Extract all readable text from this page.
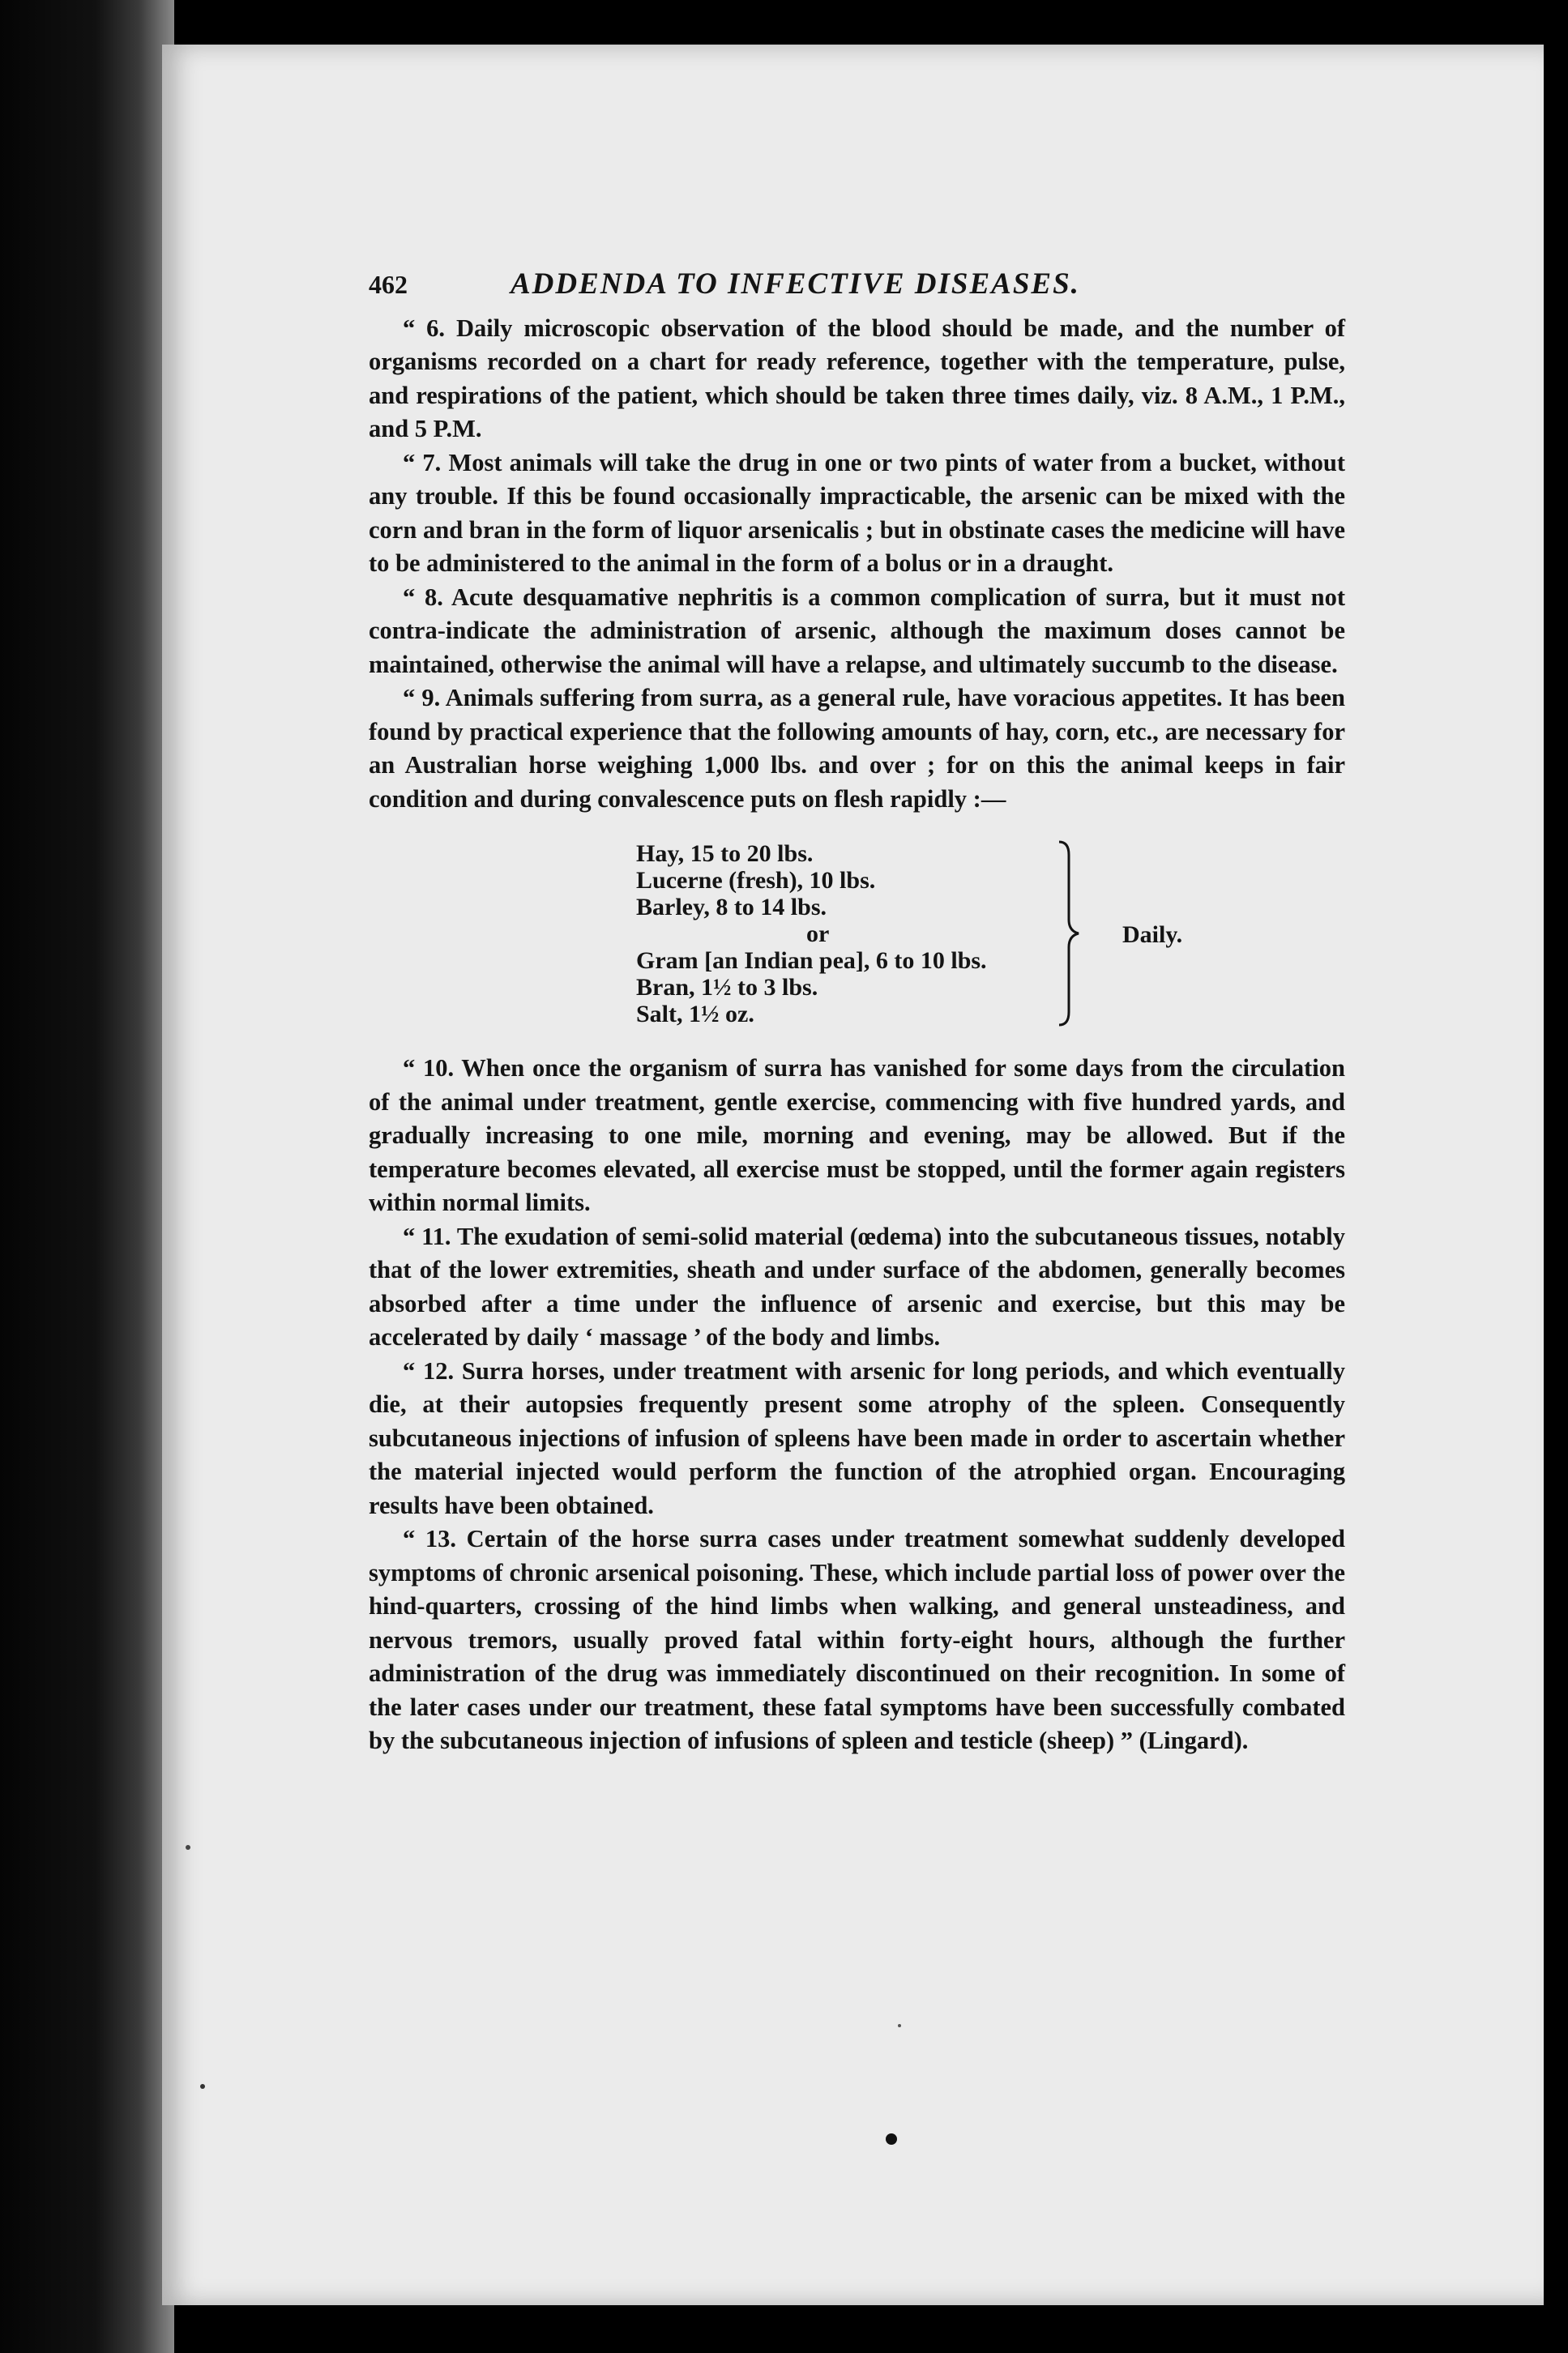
462	ADDENDA TO INFECTIVE DISEASES.

“ 6. Daily microscopic observation of the blood should be made, and the number of organisms recorded on a chart for ready reference, together with the temperature, pulse, and respirations of the patient, which should be taken three times daily, viz. 8 A.M., 1 P.M., and 5 P.M.

“ 7. Most animals will take the drug in one or two pints of water from a bucket, without any trouble. If this be found occasionally impracticable, the arsenic can be mixed with the corn and bran in the form of liquor arsenicalis ; but in obstinate cases the medicine will have to be administered to the animal in the form of a bolus or in a draught.

“ 8. Acute desquamative nephritis is a common complication of surra, but it must not contra-indicate the administration of arsenic, although the maximum doses cannot be maintained, otherwise the animal will have a relapse, and ultimately succumb to the disease.

“ 9. Animals suffering from surra, as a general rule, have voracious appetites. It has been found by practical experience that the following amounts of hay, corn, etc., are necessary for an Australian horse weighing 1,000 lbs. and over ; for on this the animal keeps in fair condition and during convalescence puts on flesh rapidly :—

Hay, 15 to 20 lbs.
Lucerne (fresh), 10 lbs.
Barley, 8 to 14 lbs.
or
Gram [an Indian pea], 6 to 10 lbs.
Bran, 1½ to 3 lbs.
Salt, 1½ oz.
Daily.

“ 10. When once the organism of surra has vanished for some days from the circulation of the animal under treatment, gentle exercise, commencing with five hundred yards, and gradually increasing to one mile, morning and evening, may be allowed. But if the temperature becomes elevated, all exercise must be stopped, until the former again registers within normal limits.

“ 11. The exudation of semi-solid material (œdema) into the subcutaneous tissues, notably that of the lower extremities, sheath and under surface of the abdomen, generally becomes absorbed after a time under the influence of arsenic and exercise, but this may be accelerated by daily ‘ massage ’ of the body and limbs.

“ 12. Surra horses, under treatment with arsenic for long periods, and which eventually die, at their autopsies frequently present some atrophy of the spleen. Consequently subcutaneous injections of infusion of spleens have been made in order to ascertain whether the material injected would perform the function of the atrophied organ. Encouraging results have been obtained.

“ 13. Certain of the horse surra cases under treatment somewhat suddenly developed symptoms of chronic arsenical poisoning. These, which include partial loss of power over the hind-quarters, crossing of the hind limbs when walking, and general unsteadiness, and nervous tremors, usually proved fatal within forty-eight hours, although the further administration of the drug was immediately discontinued on their recognition. In some of the later cases under our treatment, these fatal symptoms have been successfully combated by the subcutaneous injection of infusions of spleen and testicle (sheep) ” (Lingard).
